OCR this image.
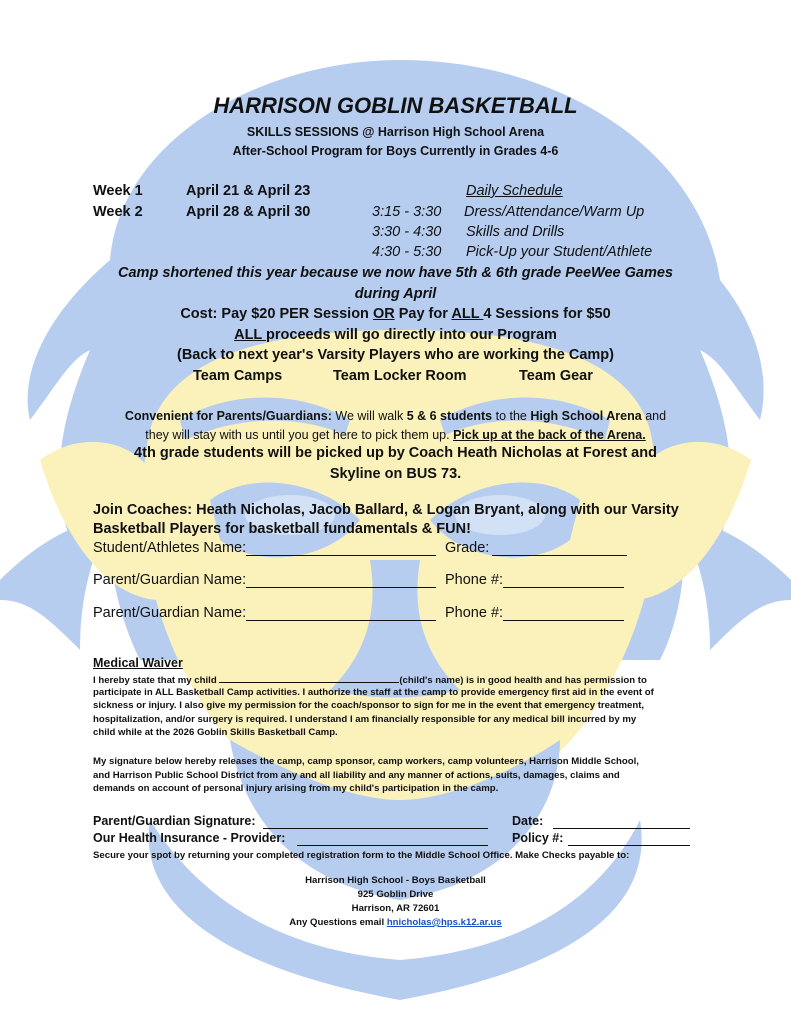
HARRISON GOBLIN BASKETBALL
SKILLS SESSIONS @ Harrison High School Arena
After-School Program for Boys Currently in Grades 4-6
Week 1	April 21 & April 23
Week 2	April 28 & April 30
Daily Schedule
3:15 - 3:30 Dress/Attendance/Warm Up
3:30 - 4:30 Skills and Drills
4:30 - 5:30 Pick-Up your Student/Athlete
Camp shortened this year because we now have 5th & 6th grade PeeWee Games
during April
Cost: Pay $20 PER Session OR Pay for ALL 4 Sessions for $50
ALL proceeds will go directly into our Program
(Back to next year's Varsity Players who are working the Camp)
Team Camps	Team Locker Room	Team Gear
Convenient for Parents/Guardians: We will walk 5 & 6 students to the High School Arena and
they will stay with us until you get here to pick them up. Pick up at the back of the Arena.
4th grade students will be picked up by Coach Heath Nicholas at Forest and
Skyline on BUS 73.
Join Coaches: Heath Nicholas, Jacob Ballard, & Logan Bryant, along with our Varsity
Basketball Players for basketball fundamentals & FUN!
Student/Athletes Name:	Grade:
Parent/Guardian Name:	Phone #:
Parent/Guardian Name:	Phone #:
Medical Waiver
I hereby state that my child	(child's name) is in good health and has permission to
participate in ALL Basketball Camp activities. I authorize the staff at the camp to provide emergency first aid in the event of
sickness or injury. I also give my permission for the coach/sponsor to sign for me in the event that emergency treatment,
hospitalization, and/or surgery is required. I understand I am financially responsible for any medical bill incurred by my
child while at the 2026 Goblin Skills Basketball Camp.
My signature below hereby releases the camp, camp sponsor, camp workers, camp volunteers, Harrison Middle School,
and Harrison Public School District from any and all liability and any manner of actions, suits, damages, claims and
demands on account of personal injury arising from my child's participation in the camp.
Parent/Guardian Signature:	Date:
Our Health Insurance - Provider:	Policy #:
Secure your spot by returning your completed registration form to the Middle School Office. Make Checks payable to:
Harrison High School - Boys Basketball
925 Goblin Drive
Harrison, AR 72601
Any Questions email hnicholas@hps.k12.ar.us
